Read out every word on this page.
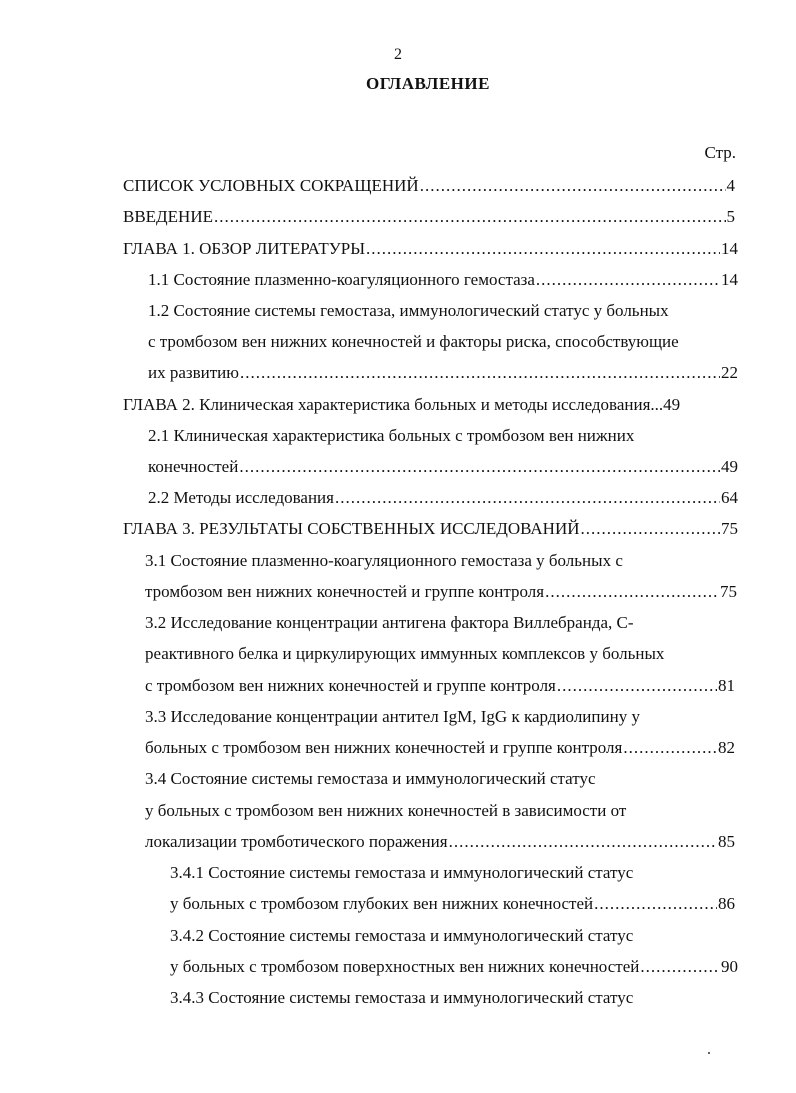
2
ОГЛАВЛЕНИЕ
Стр.
СПИСОК УСЛОВНЫХ СОКРАЩЕНИЙ .....	4
ВВЕДЕНИЕ .....	5
ГЛАВА 1. ОБЗОР ЛИТЕРАТУРЫ .....	14
1.1 Состояние плазменно-коагуляционного гемостаза .....	14
1.2 Состояние системы гемостаза, иммунологический статус у больных
с тромбозом вен нижних конечностей и факторы риска, способствующие
их развитию .....	22
ГЛАВА 2. Клиническая характеристика больных и методы исследования... 49
2.1 Клиническая характеристика больных с тромбозом вен нижних
конечностей .....	49
2.2 Методы исследования .....	64
ГЛАВА 3. РЕЗУЛЬТАТЫ СОБСТВЕННЫХ ИССЛЕДОВАНИЙ .....	75
3.1 Состояние плазменно-коагуляционного гемостаза у больных с
тромбозом вен нижних конечностей и группе контроля .....	75
3.2 Исследование концентрации антигена фактора Виллебранда, С-
реактивного белка и циркулирующих иммунных комплексов у больных
с тромбозом вен нижних конечностей и группе контроля .....	81
3.3 Исследование концентрации антител IgM, IgG к кардиолипину у
больных с тромбозом вен нижних конечностей и группе контроля .....	82
3.4 Состояние системы гемостаза и иммунологический статус
у больных с тромбозом вен нижних конечностей в зависимости от
локализации тромботического поражения .....	85
3.4.1 Состояние системы гемостаза и иммунологический статус
у больных с тромбозом глубоких вен нижних конечностей .....	86
3.4.2 Состояние системы гемостаза и иммунологический статус
у больных с тромбозом поверхностных вен нижних конечностей .....	90
3.4.3 Состояние системы гемостаза и иммунологический статус
